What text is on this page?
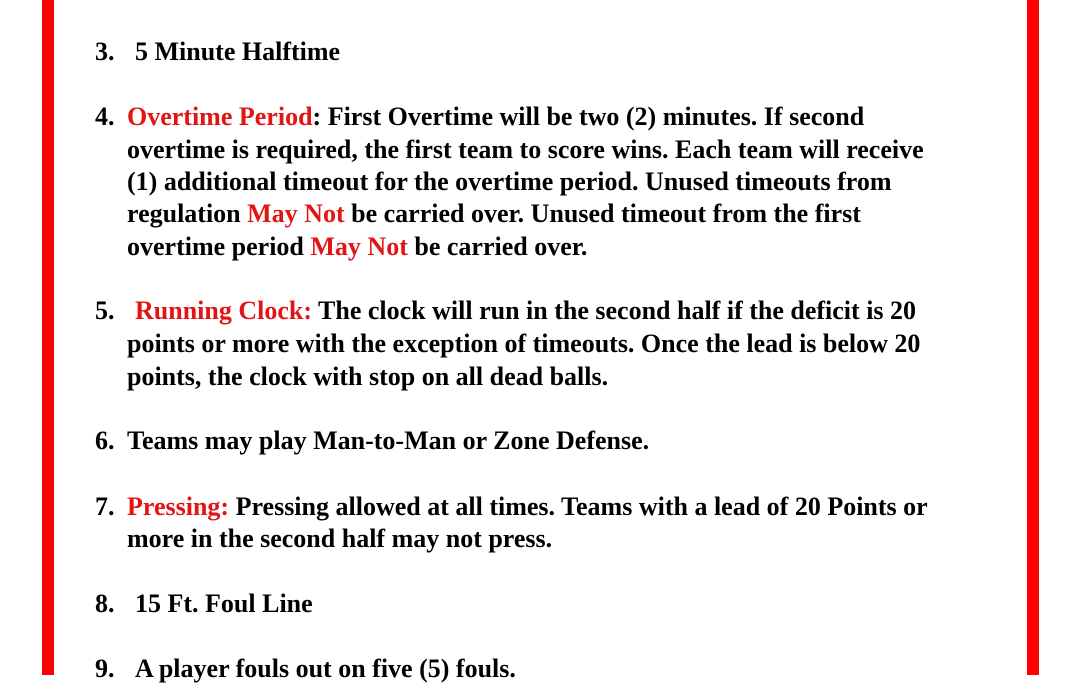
3. 5 Minute Halftime

4. Overtime Period: First Overtime will be two (2) minutes. If second

overtime is required, the first team to score wins. Each team will receive

(1) additional timeout for the overtime period. Unused timeouts from

regulation May Not be carried over. Unused timeout from the first

overtime period May Not be carried over.

5. Running Clock: The clock will run in the second half if the deficit is 20

points or more with the exception of timeouts. Once the lead is below 20

points, the clock with stop on all dead balls.

6. Teams may play Man-to-Man or Zone Defense.

7. Pressing: Pressing allowed at all times. Teams with a lead of 20 Points or

more in the second half may not press.

8. 15 Ft. Foul Line

9. A player fouls out on five (5) fouls.
